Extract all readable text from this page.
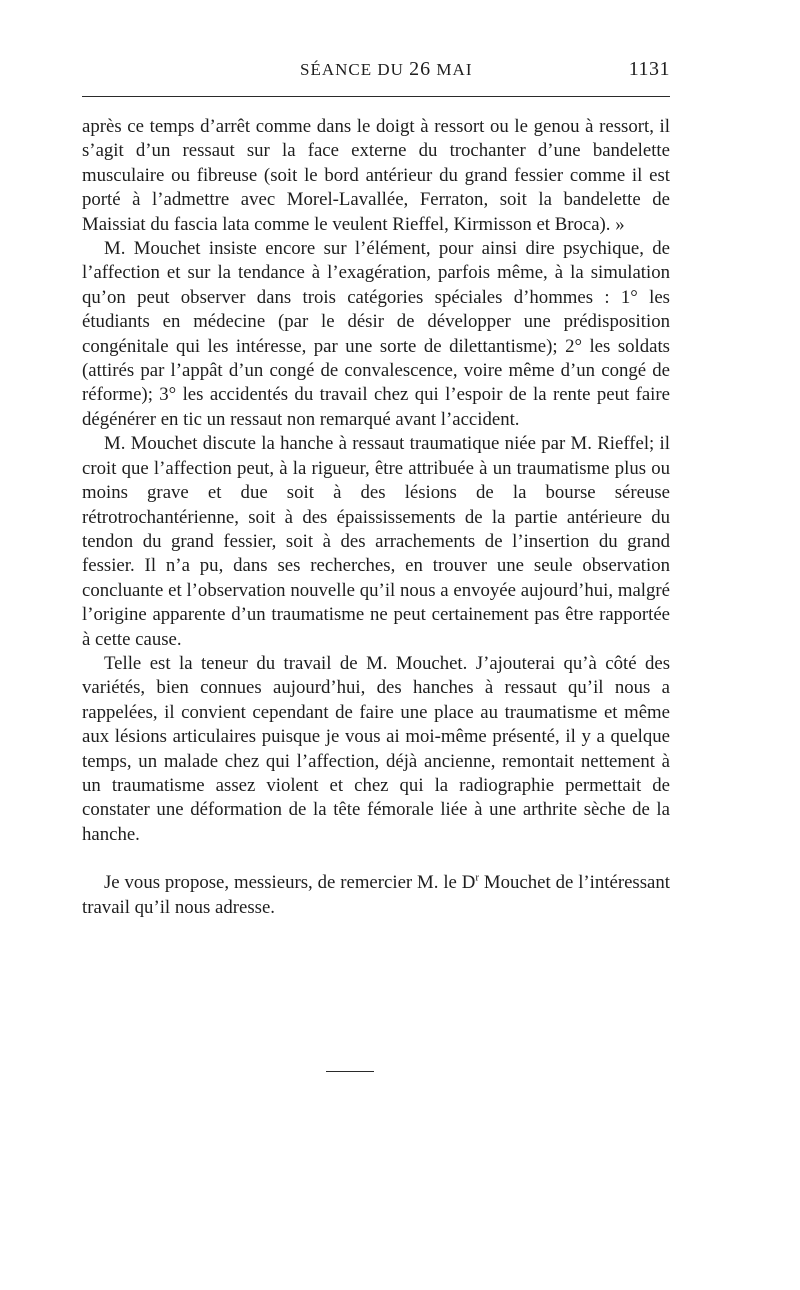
SÉANCE DU 26 MAI	1131

après ce temps d’arrêt comme dans le doigt à ressort ou le genou à ressort, il s’agit d’un ressaut sur la face externe du trochanter d’une bandelette musculaire ou fibreuse (soit le bord antérieur du grand fessier comme il est porté à l’admettre avec Morel-Lavallée, Ferraton, soit la bandelette de Maissiat du fascia lata comme le veulent Rieffel, Kirmisson et Broca). »

M. Mouchet insiste encore sur l’élément, pour ainsi dire psychique, de l’affection et sur la tendance à l’exagération, parfois même, à la simulation qu’on peut observer dans trois catégories spéciales d’hommes : 1° les étudiants en médecine (par le désir de développer une prédisposition congénitale qui les intéresse, par une sorte de dilettantisme); 2° les soldats (attirés par l’appât d’un congé de convalescence, voire même d’un congé de réforme); 3° les accidentés du travail chez qui l’espoir de la rente peut faire dégénérer en tic un ressaut non remarqué avant l’accident.

M. Mouchet discute la hanche à ressaut traumatique niée par M. Rieffel; il croit que l’affection peut, à la rigueur, être attribuée à un traumatisme plus ou moins grave et due soit à des lésions de la bourse séreuse rétrotrochantérienne, soit à des épaississements de la partie antérieure du tendon du grand fessier, soit à des arrachements de l’insertion du grand fessier. Il n’a pu, dans ses recherches, en trouver une seule observation concluante et l’observation nouvelle qu’il nous a envoyée aujourd’hui, malgré l’origine apparente d’un traumatisme ne peut certainement pas être rapportée à cette cause.

Telle est la teneur du travail de M. Mouchet. J’ajouterai qu’à côté des variétés, bien connues aujourd’hui, des hanches à ressaut qu’il nous a rappelées, il convient cependant de faire une place au traumatisme et même aux lésions articulaires puisque je vous ai moi-même présenté, il y a quelque temps, un malade chez qui l’affection, déjà ancienne, remontait nettement à un traumatisme assez violent et chez qui la radiographie permettait de constater une déformation de la tête fémorale liée à une arthrite sèche de la hanche.

Je vous propose, messieurs, de remercier M. le $D^r$ Mouchet de l’intéressant travail qu’il nous adresse.
